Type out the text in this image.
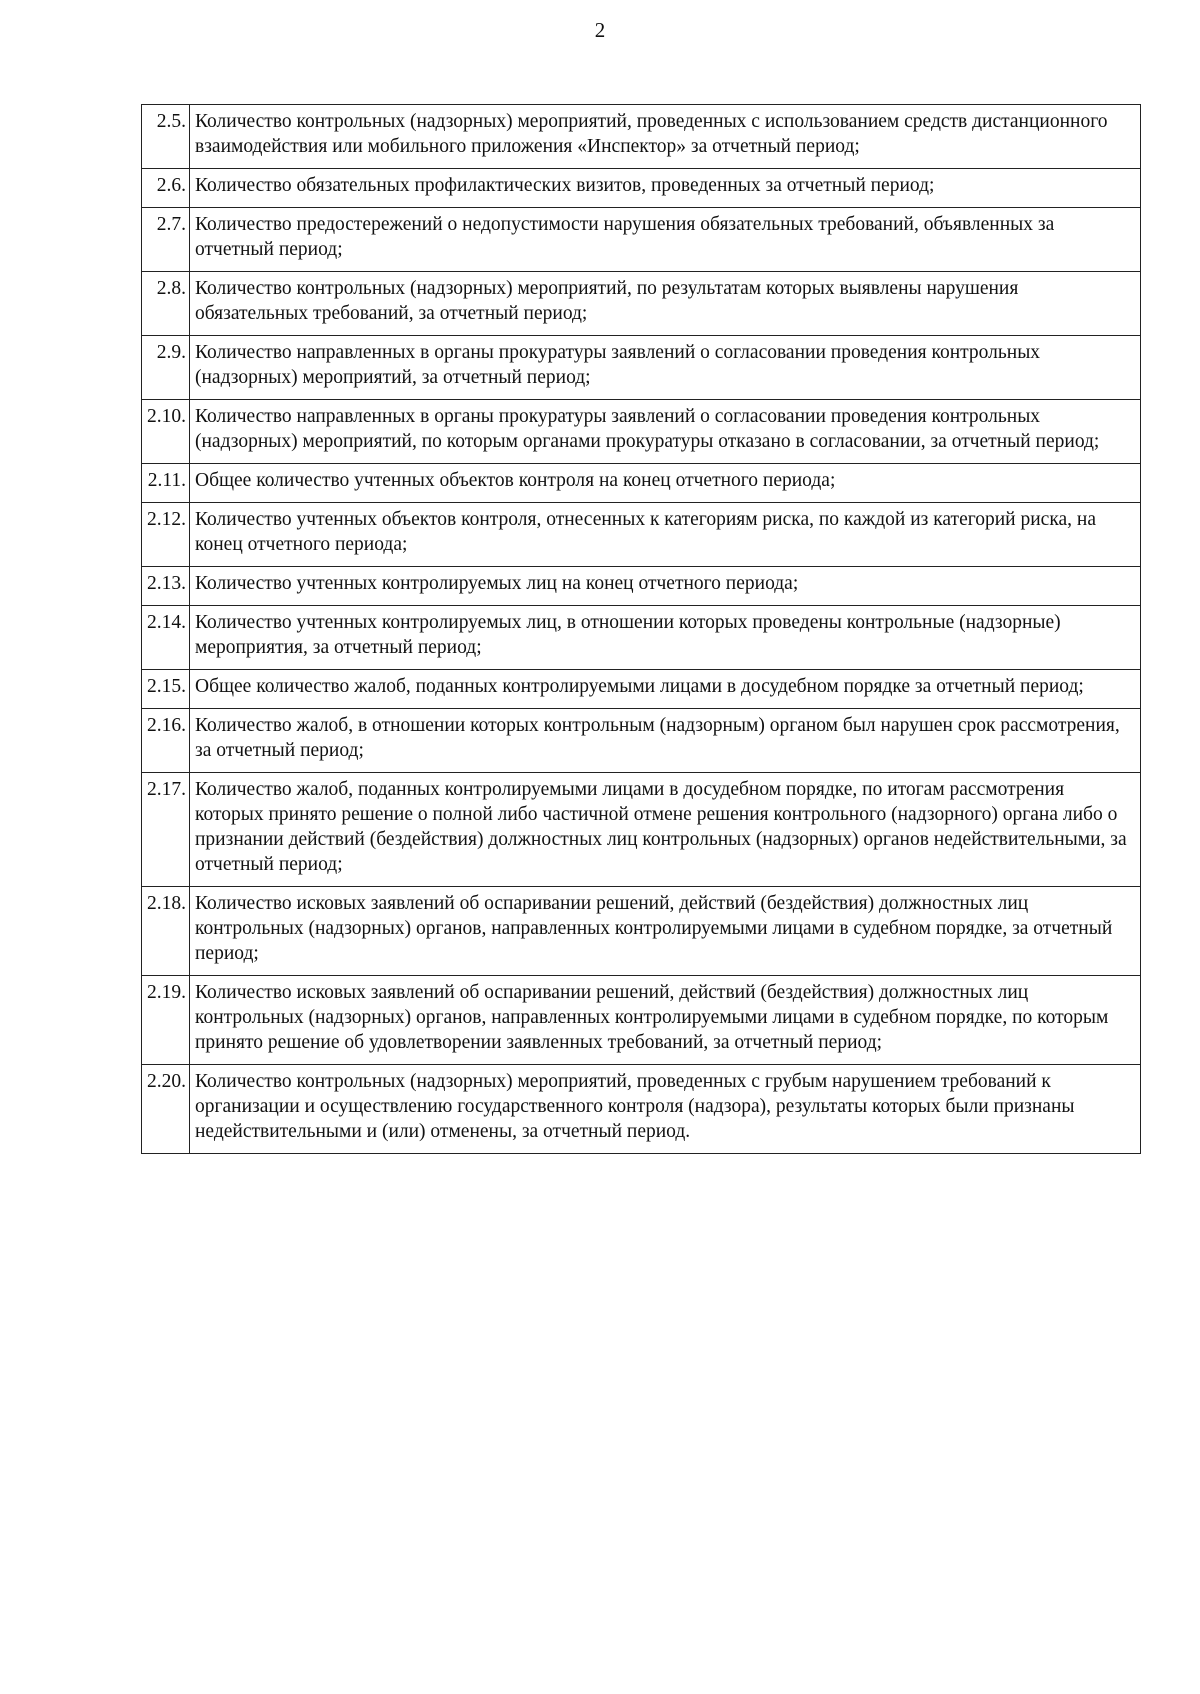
2
2.5.	Количество контрольных (надзорных) мероприятий, проведенных с использованием средств дистанционного взаимодействия или мобильного приложения «Инспектор» за отчетный период;
2.6.	Количество обязательных профилактических визитов, проведенных за отчетный период;
2.7.	Количество предостережений о недопустимости нарушения обязательных требований, объявленных за отчетный период;
2.8.	Количество контрольных (надзорных) мероприятий, по результатам которых выявлены нарушения обязательных требований, за отчетный период;
2.9.	Количество направленных в органы прокуратуры заявлений о согласовании проведения контрольных (надзорных) мероприятий, за отчетный период;
2.10.	Количество направленных в органы прокуратуры заявлений о согласовании проведения контрольных (надзорных) мероприятий, по которым органами прокуратуры отказано в согласовании, за отчетный период;
2.11.	Общее количество учтенных объектов контроля на конец отчетного периода;
2.12.	Количество учтенных объектов контроля, отнесенных к категориям риска, по каждой из категорий риска, на конец отчетного периода;
2.13.	Количество учтенных контролируемых лиц на конец отчетного периода;
2.14.	Количество учтенных контролируемых лиц, в отношении которых проведены контрольные (надзорные) мероприятия, за отчетный период;
2.15.	Общее количество жалоб, поданных контролируемыми лицами в досудебном порядке за отчетный период;
2.16.	Количество жалоб, в отношении которых контрольным (надзорным) органом был нарушен срок рассмотрения, за отчетный период;
2.17.	Количество жалоб, поданных контролируемыми лицами в досудебном порядке, по итогам рассмотрения которых принято решение о полной либо частичной отмене решения контрольного (надзорного) органа либо о признании действий (бездействия) должностных лиц контрольных (надзорных) органов недействительными, за отчетный период;
2.18.	Количество исковых заявлений об оспаривании решений, действий (бездействия) должностных лиц контрольных (надзорных) органов, направленных контролируемыми лицами в судебном порядке, за отчетный период;
2.19.	Количество исковых заявлений об оспаривании решений, действий (бездействия) должностных лиц контрольных (надзорных) органов, направленных контролируемыми лицами в судебном порядке, по которым принято решение об удовлетворении заявленных требований, за отчетный период;
2.20.	Количество контрольных (надзорных) мероприятий, проведенных с грубым нарушением требований к организации и осуществлению государственного контроля (надзора), результаты которых были признаны недействительными и (или) отменены, за отчетный период.
